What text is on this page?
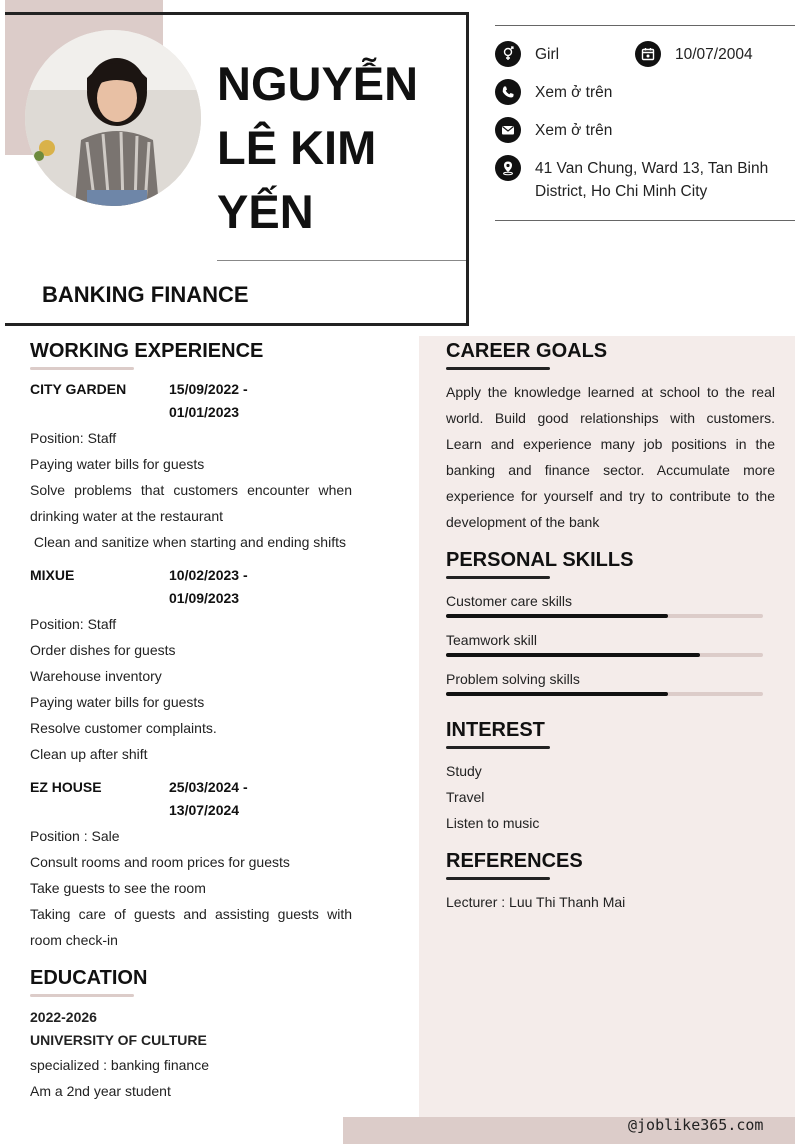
NGUYỄN LÊ KIM YẾN
BANKING FINANCE
Girl	10/07/2004
Xem ở trên
Xem ở trên
41 Van Chung, Ward 13, Tan Binh District, Ho Chi Minh City
@joblike365.com
WORKING EXPERIENCE
CITY GARDEN	15/09/2022 - 01/01/2023
Position: Staff
Paying water bills for guests
Solve problems that customers encounter when drinking water at the restaurant
Clean and sanitize when starting and ending shifts
MIXUE	10/02/2023 - 01/09/2023
Position: Staff
Order dishes for guests
Warehouse inventory
Paying water bills for guests
Resolve customer complaints.
Clean up after shift
EZ HOUSE	25/03/2024 - 13/07/2024
Position : Sale
Consult rooms and room prices for guests
Take guests to see the room
Taking care of guests and assisting guests with room check-in
EDUCATION
2022-2026
UNIVERSITY OF CULTURE
specialized : banking finance
Am a 2nd year student
CAREER GOALS
Apply the knowledge learned at school to the real world. Build good relationships with customers. Learn and experience many job positions in the banking and finance sector. Accumulate more experience for yourself and try to contribute to the development of the bank
PERSONAL SKILLS
Customer care skills
Teamwork skill
Problem solving skills
INTEREST
Study
Travel
Listen to music
REFERENCES
Lecturer : Luu Thi Thanh Mai
